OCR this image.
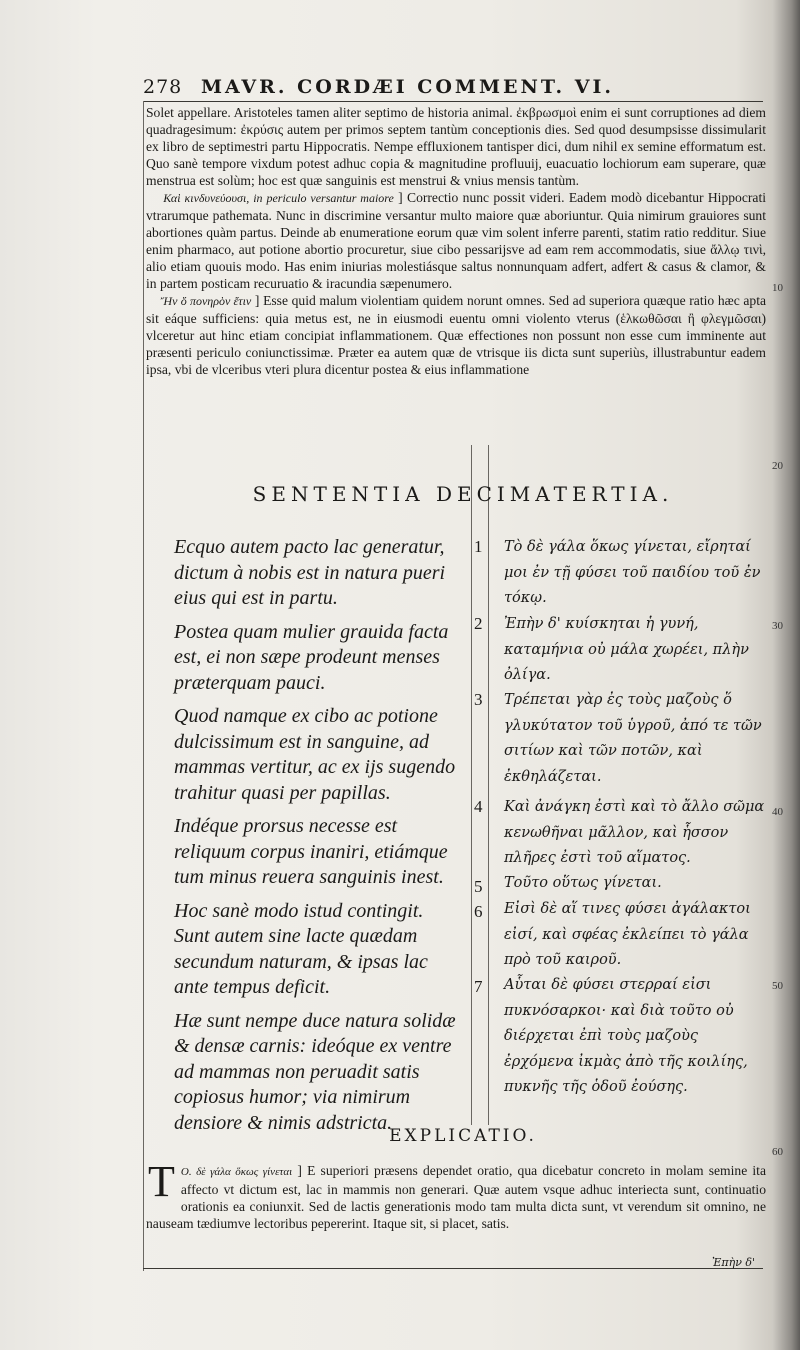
278 MAVR. CORDÆI COMMENT. VI.

Solet appellare. Aristoteles tamen aliter septimo de historia animal. ἐκβρωσμοὶ enim ei sunt corruptiones ad diem quadragesimum: ἐκρύσις autem per primos septem tantùm conceptionis dies. Sed quod desumpsisse dissimularit ex libro de septimestri partu Hippocratis. Nempe effluxionem tantisper dici, dum nihil ex semine efformatum est. Quo sanè tempore vixdum potest adhuc copia & magnitudine profluuij, euacuatio lochiorum eam superare, quæ menstrua est solùm; hoc est quæ sanguinis est menstrui & vnius mensis tantùm.

Καὶ κινδυνεύουσι, in periculo versantur maiore ] Correctio nunc possit videri. Eadem modò dicebantur Hippocrati vtrarumque pathemata. Nunc in discrimine versantur multo maiore quæ aboriuntur. Quia nimirum grauiores sunt abortiones quàm partus. Deinde ab enumeratione eorum quæ vim solent inferre parenti, statim ratio redditur. Siue enim pharmaco, aut potione abortio procuretur, siue cibo pessarijsve ad eam rem accommodatis, siue ἄλλῳ τινὶ, alio etiam quouis modo. Has enim iniurias molestiásque saltus nonnunquam adfert, adfert & casus & clamor, & in partem posticam recuruatio & iracundia sæpenumero.

Ἤν ὅ πονηρὸν ἔτιν ] Esse quid malum violentiam quidem norunt omnes. Sed ad superiora quæque ratio hæc apta sit eáque sufficiens: quia metus est, ne in eiusmodi euentu omni violento vterus (ἑλκωθῶσαι ἢ φλεγμῶσαι) vlceretur aut hinc etiam concipiat inflammationem. Quæ effectiones non possunt non esse cum imminente aut præsenti periculo coniunctissimæ. Præter ea autem quæ de vtrisque iis dicta sunt superiùs, illustrabuntur eadem ipsa, vbi de vlceribus vteri plura dicentur postea & eius inflammatione

SENTENTIA DECIMATERTIA.

Ecquo autem pacto lac generatur, dictum à nobis est in natura pueri eius qui est in partu.

Postea quam mulier grauida facta est, ei non sæpe prodeunt menses præterquam pauci.

Quod namque ex cibo ac potione dulcissimum est in sanguine, ad mammas vertitur, ac ex ijs sugendo trahitur quasi per papillas.

Indéque prorsus necesse est reliquum corpus inaniri, etiámque tum minus reuera sanguinis inest.

Hoc sanè modo istud contingit.

Sunt autem sine lacte quædam secundum naturam, & ipsas lac ante tempus deficit.

Hæ sunt nempe duce natura solidæ & densæ carnis: ideóque ex ventre ad mammas non peruadit satis copiosus humor; via nimirum densiore & nimis adstricta.

1
2
3
4
5
6
7

Τὸ δὲ γάλα ὅκως γίνεται, εἴρηταί μοι ἐν τῇ φύσει τοῦ παιδίου τοῦ ἐν τόκῳ.

Ἐπὴν δ' κυίσκηται ἡ γυνή, καταμήνια οὐ μάλα χωρέει, πλὴν ὀλίγα.

Τρέπεται γὰρ ἐς τοὺς μαζοὺς ὅ γλυκύτατον τοῦ ὑγροῦ, ἀπό τε τῶν σιτίων καὶ τῶν ποτῶν, καὶ ἐκθηλάζεται.

Καὶ ἀνάγκη ἐστὶ καὶ τὸ ἄλλο σῶμα κενωθῆναι μᾶλλον, καὶ ἧσσον πλῆρες ἐστὶ τοῦ αἵματος.

Τοῦτο οὕτως γίνεται.

Εἰσὶ δὲ αἵ τινες φύσει ἀγάλακτοι εἰσί, καὶ σφέας ἐκλείπει τὸ γάλα πρὸ τοῦ καιροῦ.

Αὗται δὲ φύσει στερραί εἰσι πυκνόσαρκοι· καὶ διὰ τοῦτο οὐ διέρχεται ἐπὶ τοὺς μαζοὺς ἐρχόμενα ἰκμὰς ἀπὸ τῆς κοιλίης, πυκνῆς τῆς ὁδοῦ ἐούσης.

10
20
30
40
50
60
EXPLICATIO.
T Ο. δὲ γάλα ὅκως γίνεται ] E superiori præsens dependet oratio, qua dicebatur concreto in molam semine ita affecto vt dictum est, lac in mammis non generari. Quæ autem vsque adhuc interiecta sunt, continuatio orationis ea coniunxit. Sed de lactis generationis modo tam multa dicta sunt, vt verendum sit omnino, ne nauseam tædiumve lectoribus pepererint. Itaque sit, si placet, satis.
Ἐπὴν δ'
